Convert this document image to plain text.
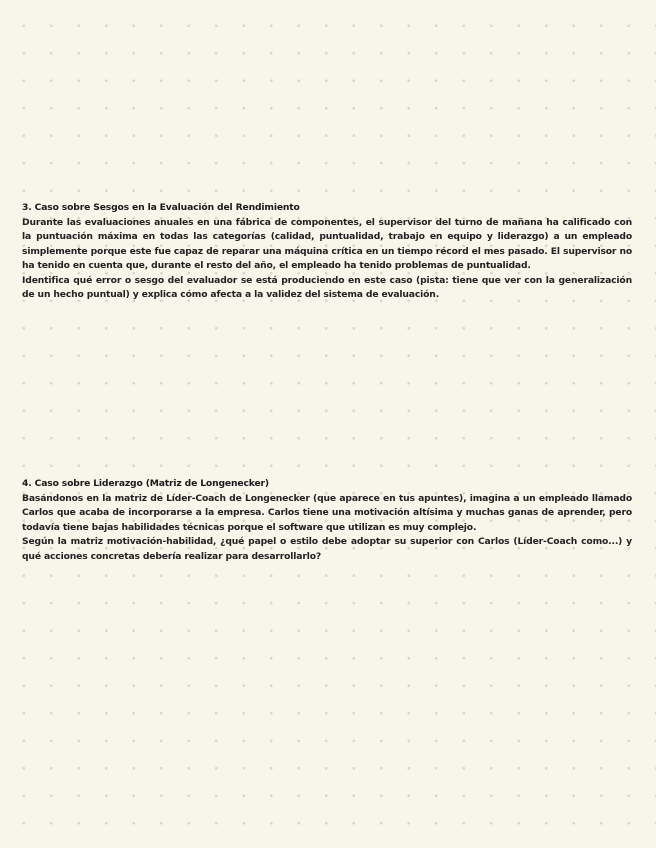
3. Caso sobre Sesgos en la Evaluación del Rendimiento

Durante las evaluaciones anuales en una fábrica de componentes, el supervisor del turno de mañana ha calificado con la puntuación máxima en todas las categorías (calidad, puntualidad, trabajo en equipo y liderazgo) a un empleado simplemente porque este fue capaz de reparar una máquina crítica en un tiempo récord el mes pasado. El supervisor no ha tenido en cuenta que, durante el resto del año, el empleado ha tenido problemas de puntualidad.

Identifica qué error o sesgo del evaluador se está produciendo en este caso (pista: tiene que ver con la generalización de un hecho puntual) y explica cómo afecta a la validez del sistema de evaluación.

4. Caso sobre Liderazgo (Matriz de Longenecker)

Basándonos en la matriz de Líder-Coach de Longenecker (que aparece en tus apuntes), imagina a un empleado llamado Carlos que acaba de incorporarse a la empresa. Carlos tiene una motivación altísima y muchas ganas de aprender, pero todavía tiene bajas habilidades técnicas porque el software que utilizan es muy complejo.

Según la matriz motivación-habilidad, ¿qué papel o estilo debe adoptar su superior con Carlos (Líder-Coach como...) y qué acciones concretas debería realizar para desarrollarlo?
